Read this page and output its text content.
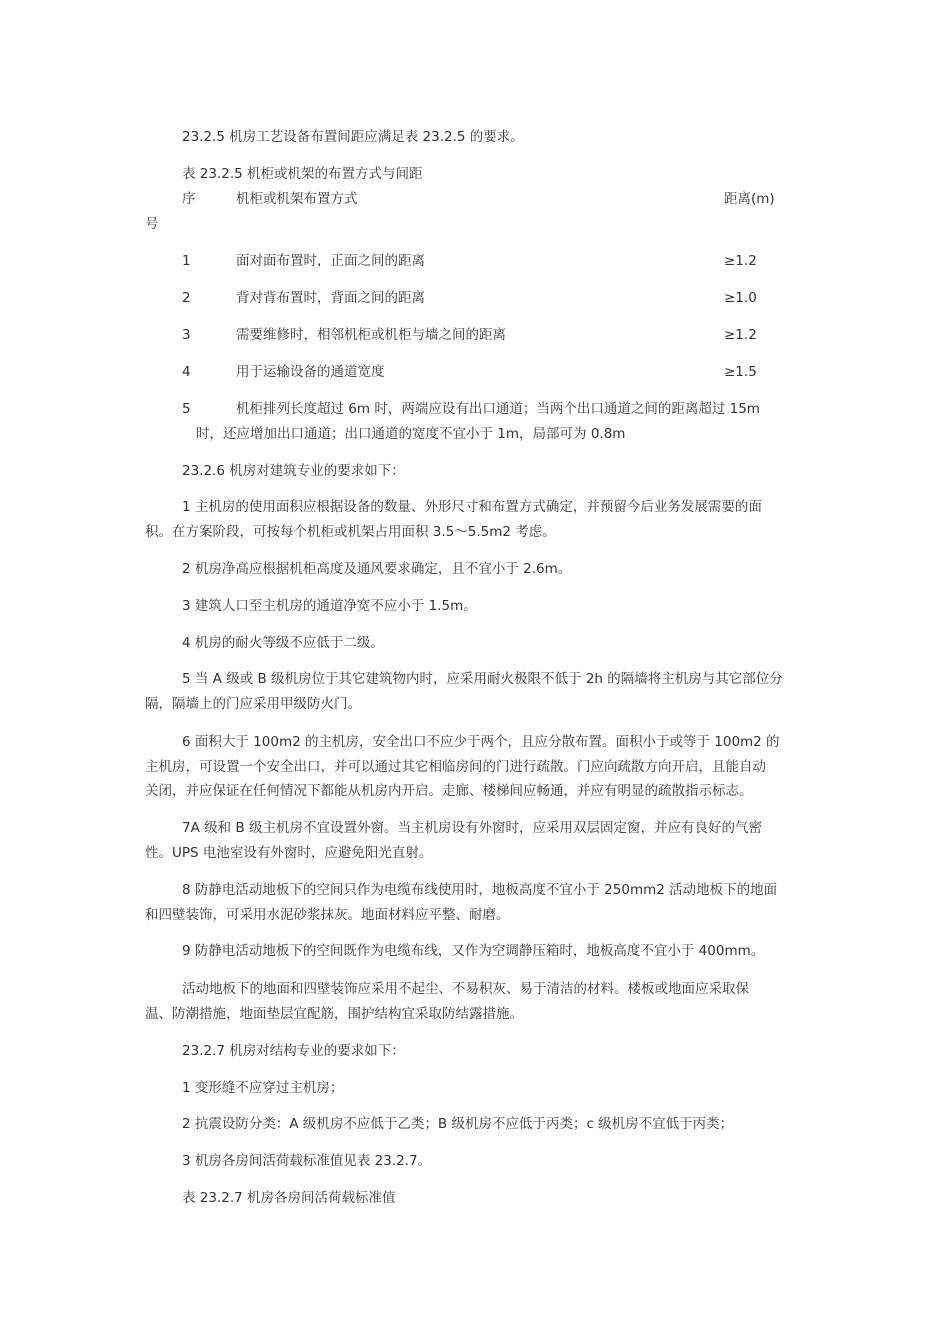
23.2.5 机房工艺设备布置间距应满足表 23.2.5 的要求。
表 23.2.5 机柜或机架的布置方式与间距
序	机柜或机架布置方式	距离(m)
号
1	面对面布置时，正面之间的距离	≥1.2
2	背对背布置时，背面之间的距离	≥1.0
3	需要维修时，相邻机柜或机柜与墙之间的距离	≥1.2
4	用于运输设备的通道宽度	≥1.5
5	机柜排列长度超过 6m 时，两端应设有出口通道；当两个出口通道之间的距离超过 15m
时，还应增加出口通道；出口通道的宽度不宜小于 1m，局部可为 0.8m
23.2.6 机房对建筑专业的要求如下：
1 主机房的使用面积应根据设备的数量、外形尺寸和布置方式确定，并预留今后业务发展需要的面
积。在方案阶段，可按每个机柜或机架占用面积 3.5～5.5m2 考虑。
2 机房净高应根据机柜高度及通风要求确定，且不宜小于 2.6m。
3 建筑人口至主机房的通道净宽不应小于 1.5m。
4 机房的耐火等级不应低于二级。
5 当 A 级或 B 级机房位于其它建筑物内时，应采用耐火极限不低于 2h 的隔墙将主机房与其它部位分
隔，隔墙上的门应采用甲级防火门。
6 面积大于 100m2 的主机房，安全出口不应少于两个，且应分散布置。面积小于或等于 100m2 的
主机房，可设置一个安全出口，并可以通过其它相临房间的门进行疏散。门应向疏散方向开启，且能自动
关闭，并应保证在任何情况下都能从机房内开启。走廊、楼梯间应畅通，并应有明显的疏散指示标志。
7A 级和 B 级主机房不宜设置外窗。当主机房设有外窗时，应采用双层固定窗，并应有良好的气密
性。UPS 电池室设有外窗时，应避免阳光直射。
8 防静电活动地板下的空间只作为电缆布线使用时，地板高度不宜小于 250mm2 活动地板下的地面
和四壁装饰，可采用水泥砂浆抹灰。地面材料应平整、耐磨。
9 防静电活动地板下的空间既作为电缆布线，又作为空调静压箱时，地板高度不宜小于 400mm。
活动地板下的地面和四壁装饰应采用不起尘、不易积灰、易于清洁的材料。楼板或地面应采取保
温、防潮措施，地面垫层宜配筋，围护结构宜采取防结露措施。
23.2.7 机房对结构专业的要求如下：
1 变形缝不应穿过主机房；
2 抗震设防分类：A 级机房不应低于乙类；B 级机房不应低于丙类；c 级机房不宜低于丙类；
3 机房各房间活荷载标准值见表 23.2.7。
表 23.2.7 机房各房间活荷载标准值
